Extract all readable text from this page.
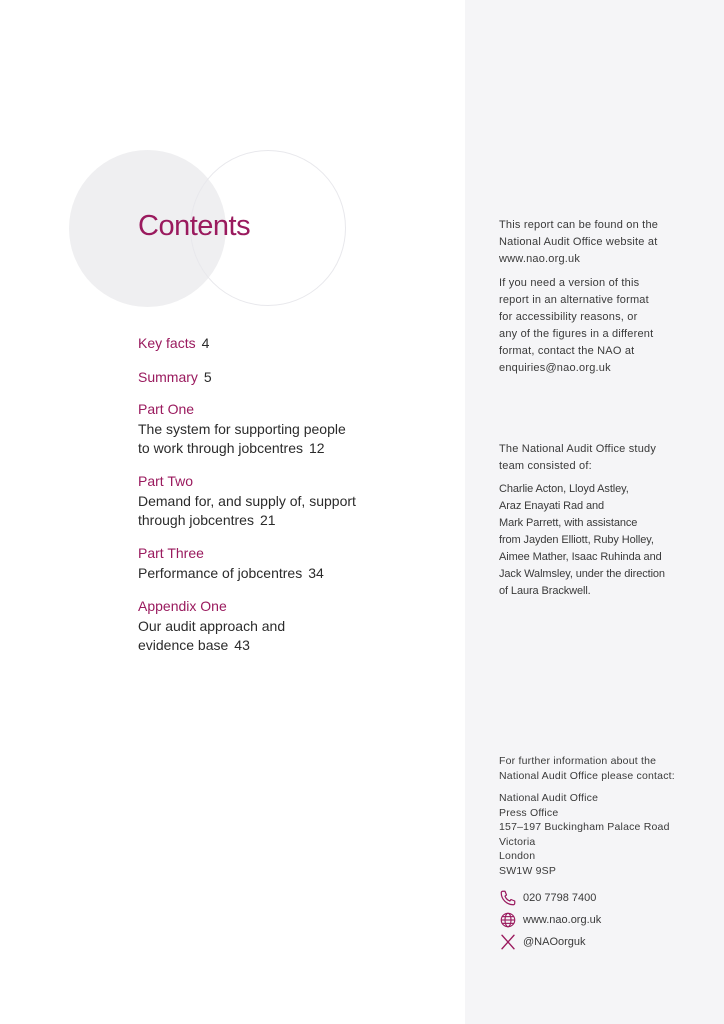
Contents
Key facts 4
Summary 5
Part One
The system for supporting people
to work through jobcentres 12
Part Two
Demand for, and supply of, support
through jobcentres 21
Part Three
Performance of jobcentres 34
Appendix One
Our audit approach and
evidence base 43

This report can be found on the

National Audit Office website at

www.nao.org.uk

If you need a version of this

report in an alternative format

for accessibility reasons, or

any of the figures in a different

format, contact the NAO at

enquiries@nao.org.uk

The National Audit Office study

team consisted of:

Charlie Acton, Lloyd Astley,

Araz Enayati Rad and

Mark Parrett, with assistance

from Jayden Elliott, Ruby Holley,

Aimee Mather, Isaac Ruhinda and

Jack Walmsley, under the direction

of Laura Brackwell.

For further information about the

National Audit Office please contact:

National Audit Office

Press Office

157–197 Buckingham Palace Road

Victoria

London

SW1W 9SP

020 7798 7400
www.nao.org.uk
@NAOorguk
